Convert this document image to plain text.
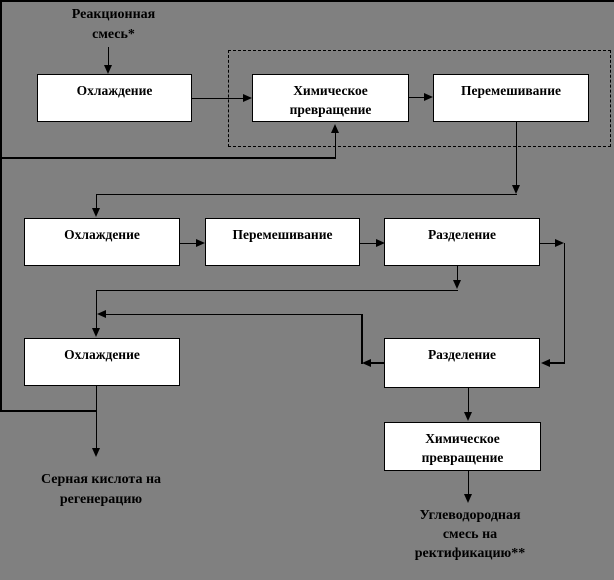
Реакционная
смесь*
Охлаждение	Химическое превращение
Перемешивание
Охлаждение	Перемешивание	Разделение
Охлаждение	Разделение
Серная кислота на
регенерацию
Химическое превращение
Углеводородная
смесь на
ректификацию**
